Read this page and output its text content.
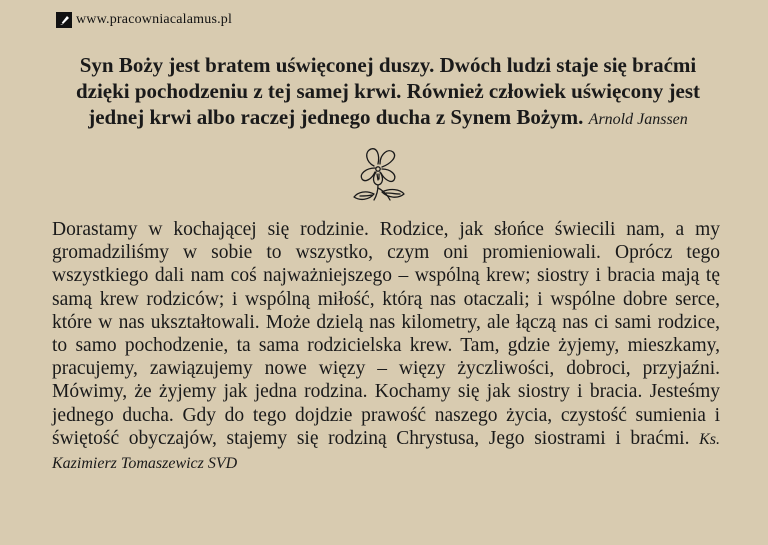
www.pracowniacalamus.pl
Syn Boży jest bratem uświęconej duszy. Dwóch ludzi staje się braćmi dzięki pochodzeniu z tej samej krwi. Również człowiek uświęcony jest jednej krwi albo raczej jednego ducha z Synem Bożym. Arnold Janssen
Dorastamy w kochającej się rodzinie. Rodzice, jak słońce świecili nam, a my gromadziliśmy w sobie to wszystko, czym oni promieniowali. Oprócz tego wszystkiego dali nam coś najważniejszego – wspólną krew; siostry i bracia mają tę samą krew rodziców; i wspólną miłość, którą nas otaczali; i wspólne dobre serce, które w nas ukształtowali. Może dzielą nas kilometry, ale łączą nas ci sami rodzice, to samo pochodzenie, ta sama rodzicielska krew. Tam, gdzie żyjemy, mieszkamy, pracujemy, zawiązujemy nowe więzy – więzy życzliwości, dobroci, przyjaźni. Mówimy, że żyjemy jak jedna rodzina. Kochamy się jak siostry i bracia. Jesteśmy jednego ducha. Gdy do tego dojdzie prawość naszego życia, czystość sumienia i świętość obyczajów, stajemy się rodziną Chrystusa, Jego siostrami i braćmi. Ks. Kazimierz Tomaszewicz SVD
